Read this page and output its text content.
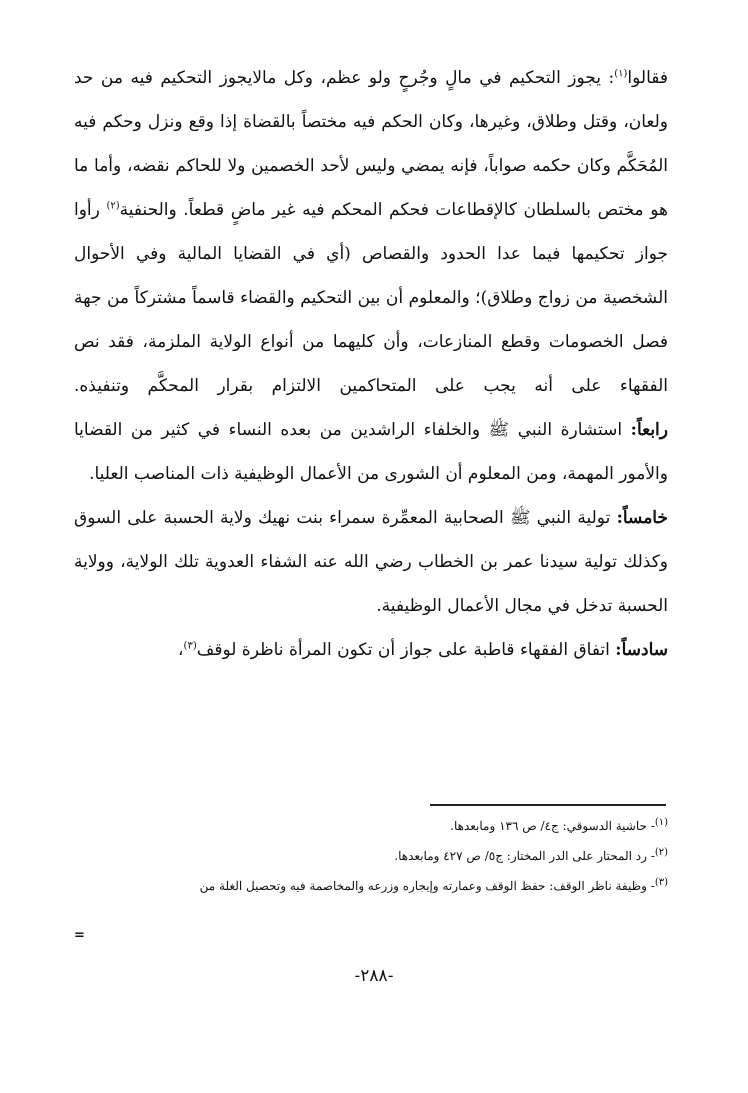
فقالوا$^{(١)}$: يجوز التحكيم في مالٍ وجُرحٍ ولو عظم، وكل مالايجوز التحكيم فيه من حد ولعان، وقتل وطلاق، وغيرها، وكان الحكم فيه مختصاً بالقضاة إذا وقع ونزل وحكم فيه المُحَكَّم وكان حكمه صواباً، فإنه يمضي وليس لأحد الخصمين ولا للحاكم نقضه، وأما ما هو مختص بالسلطان كالإقطاعات فحكم المحكم فيه غير ماضٍ قطعاً. والحنفية$^{(٢)}$ رأوا جواز تحكيمها فيما عدا الحدود والقصاص (أي في القضايا المالية وفي الأحوال الشخصية من زواج وطلاق)؛ والمعلوم أن بين التحكيم والقضاء قاسماً مشتركاً من جهة فصل الخصومات وقطع المنازعات، وأن كليهما من أنواع الولاية الملزمة، فقد نص الفقهاء على أنه يجب على المتحاكمين الالتزام بقرار المحكَّم وتنفيذه.

رابعاً: استشارة النبي ﷺ والخلفاء الراشدين من بعده النساء في كثير من القضايا والأمور المهمة، ومن المعلوم أن الشورى من الأعمال الوظيفية ذات المناصب العليا.

خامساً: تولية النبي ﷺ الصحابية المعمِّرة سمراء بنت نهيك ولاية الحسبة على السوق وكذلك تولية سيدنا عمر بن الخطاب رضي الله عنه الشفاء العدوية تلك الولاية، وولاية الحسبة تدخل في مجال الأعمال الوظيفية.

سادساً: اتفاق الفقهاء قاطبة على جواز أن تكون المرأة ناظرة لوقف$^{(٣)}$،

$^{(١)}$- حاشية الدسوقي: ج٤/ ص ١٣٦ ومابعدها.

$^{(٢)}$- رد المحتار على الدر المختار: ج٥/ ص ٤٢٧ ومابعدها.

$^{(٣)}$- وظيفة ناظر الوقف: حفظ الوقف وعمارته وإيجاره وزرعه والمخاصمة فيه وتحصيل الغلة من

=
-٢٨٨-
